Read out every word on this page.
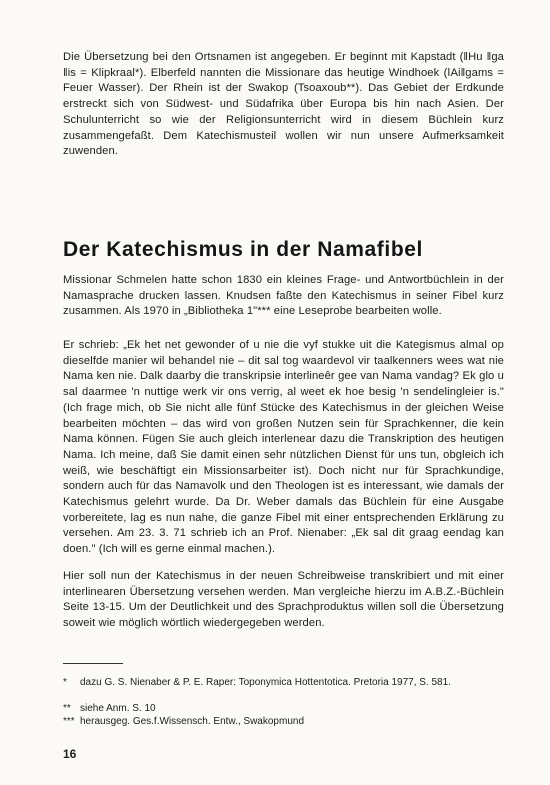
Die Übersetzung bei den Ortsnamen ist angegeben. Er beginnt mit Kapstadt (ǁHu ǁga ǁis = Klipkraal*). Elberfeld nannten die Missionare das heutige Windhoek (ǀAiǁgams = Feuer Wasser). Der Rhein ist der Swakop (Tsoaxoub**). Das Gebiet der Erdkunde erstreckt sich von Südwest- und Südafrika über Europa bis hin nach Asien. Der Schulunterricht so wie der Religionsunterricht wird in diesem Büchlein kurz zusammengefaßt. Dem Katechismusteil wollen wir nun unsere Aufmerksamkeit zuwenden.

Der Katechismus in der Namafibel

Missionar Schmelen hatte schon 1830 ein kleines Frage- und Antwortbüchlein in der Namasprache drucken lassen. Knudsen faßte den Katechismus in seiner Fibel kurz zusammen. Als 1970 in „Bibliotheka 1"*** eine Leseprobe bearbeiten wolle.

Er schrieb: „Ek het net gewonder of u nie die vyf stukke uit die Kategismus almal op dieselfde manier wil behandel nie – dit sal tog waardevol vir taalkenners wees wat nie Nama ken nie. Dalk daarby die transkripsie interlineêr gee van Nama vandag? Ek glo u sal daarmee 'n nuttige werk vir ons verrig, al weet ek hoe besig 'n sendelingleier is." (Ich frage mich, ob Sie nicht alle fünf Stücke des Katechismus in der gleichen Weise bearbeiten möchten – das wird von großen Nutzen sein für Sprachkenner, die kein Nama können. Fügen Sie auch gleich interlenear dazu die Transkription des heutigen Nama. Ich meine, daß Sie damit einen sehr nützlichen Dienst für uns tun, obgleich ich weiß, wie beschäftigt ein Missionsarbeiter ist). Doch nicht nur für Sprachkundige, sondern auch für das Namavolk und den Theologen ist es interessant, wie damals der Katechismus gelehrt wurde. Da Dr. Weber damals das Büchlein für eine Ausgabe vorbereitete, lag es nun nahe, die ganze Fibel mit einer entsprechenden Erklärung zu versehen. Am 23. 3. 71 schrieb ich an Prof. Nienaber: „Ek sal dit graag eendag kan doen." (Ich will es gerne einmal machen.).

Hier soll nun der Katechismus in der neuen Schreibweise transkribiert und mit einer interlinearen Übersetzung versehen werden. Man vergleiche hierzu im A.B.Z.-Büchlein Seite 13-15. Um der Deutlichkeit und des Sprachproduktus willen soll die Übersetzung soweit wie möglich wörtlich wiedergegeben werden.

* dazu G. S. Nienaber & P. E. Raper: Toponymica Hottentotica. Pretoria 1977, S. 581.

** siehe Anm. S. 10

*** herausgeg. Ges.f.Wissensch. Entw., Swakopmund

16
